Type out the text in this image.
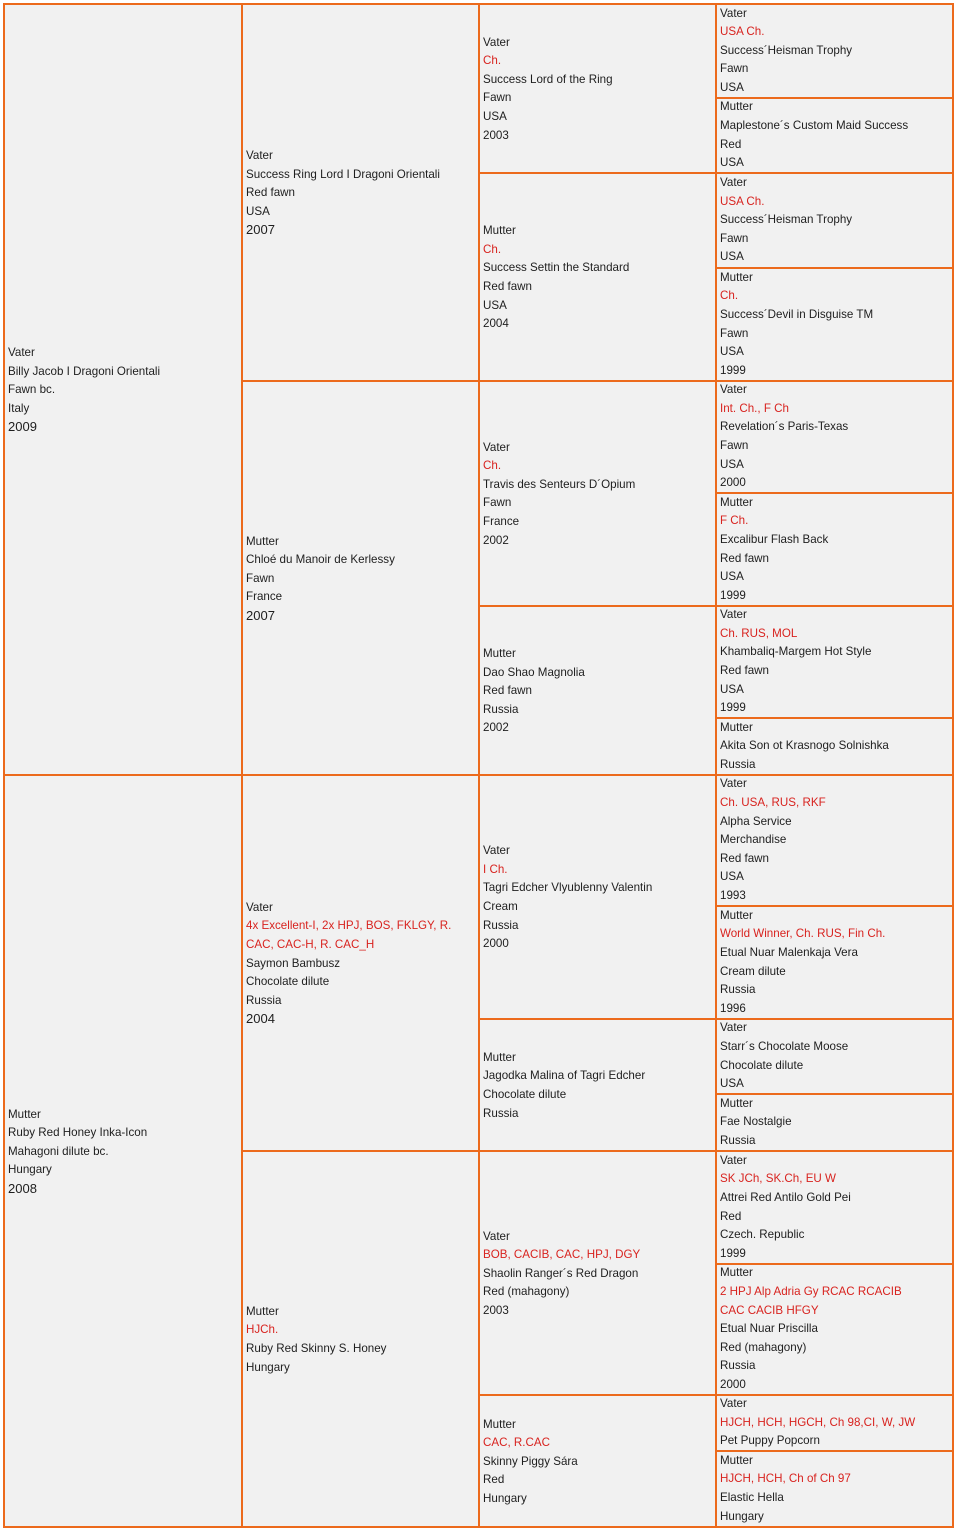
Vater
Billy Jacob I Dragoni Orientali
Fawn bc.
Italy
2009
Mutter
Ruby Red Honey Inka-Icon
Mahagoni dilute bc.
Hungary
2008
Vater
Success Ring Lord I Dragoni Orientali
Red fawn
USA
2007
Mutter
Chloé du Manoir de Kerlessy
Fawn
France
2007
Vater
4x Excellent-I, 2x HPJ, BOS, FKLGY, R.
CAC, CAC-H, R. CAC_H
Saymon Bambusz
Chocolate dilute
Russia
2004
Mutter
HJCh.
Ruby Red Skinny S. Honey
Hungary
Vater
Ch.
Success Lord of the Ring
Fawn
USA
2003
Mutter
Ch.
Success Settin the Standard
Red fawn
USA
2004
Vater
Ch.
Travis des Senteurs D´Opium
Fawn
France
2002
Mutter
Dao Shao Magnolia
Red fawn
Russia
2002
Vater
I Ch.
Tagri Edcher Vlyublenny Valentin
Cream
Russia
2000
Mutter
Jagodka Malina of Tagri Edcher
Chocolate dilute
Russia
Vater
BOB, CACIB, CAC, HPJ, DGY
Shaolin Ranger´s Red Dragon
Red (mahagony)
2003
Mutter
CAC, R.CAC
Skinny Piggy Sára
Red
Hungary
Vater
USA Ch.
Success´Heisman Trophy
Fawn
USA
Mutter
Maplestone´s Custom Maid Success
Red
USA
Vater
USA Ch.
Success´Heisman Trophy
Fawn
USA
Mutter
Ch.
Success´Devil in Disguise TM
Fawn
USA
1999
Vater
Int. Ch., F Ch
Revelation´s Paris-Texas
Fawn
USA
2000
Mutter
F Ch.
Excalibur Flash Back
Red fawn
USA
1999
Vater
Ch. RUS, MOL
Khambaliq-Margem Hot Style
Red fawn
USA
1999
Mutter
Akita Son ot Krasnogo Solnishka
Russia
Vater
Ch. USA, RUS, RKF
Alpha Service
Merchandise
Red fawn
USA
1993
Mutter
World Winner, Ch. RUS, Fin Ch.
Etual Nuar Malenkaja Vera
Cream dilute
Russia
1996
Vater
Starr´s Chocolate Moose
Chocolate dilute
USA
Mutter
Fae Nostalgie
Russia
Vater
SK JCh, SK.Ch, EU W
Attrei Red Antilo Gold Pei
Red
Czech. Republic
1999
Mutter
2 HPJ Alp Adria Gy RCAC RCACIB
CAC CACIB HFGY
Etual Nuar Priscilla
Red (mahagony)
Russia
2000
Vater
HJCH, HCH, HGCH, Ch 98,CI, W, JW
Pet Puppy Popcorn
Mutter
HJCH, HCH, Ch of Ch 97
Elastic Hella
Hungary
